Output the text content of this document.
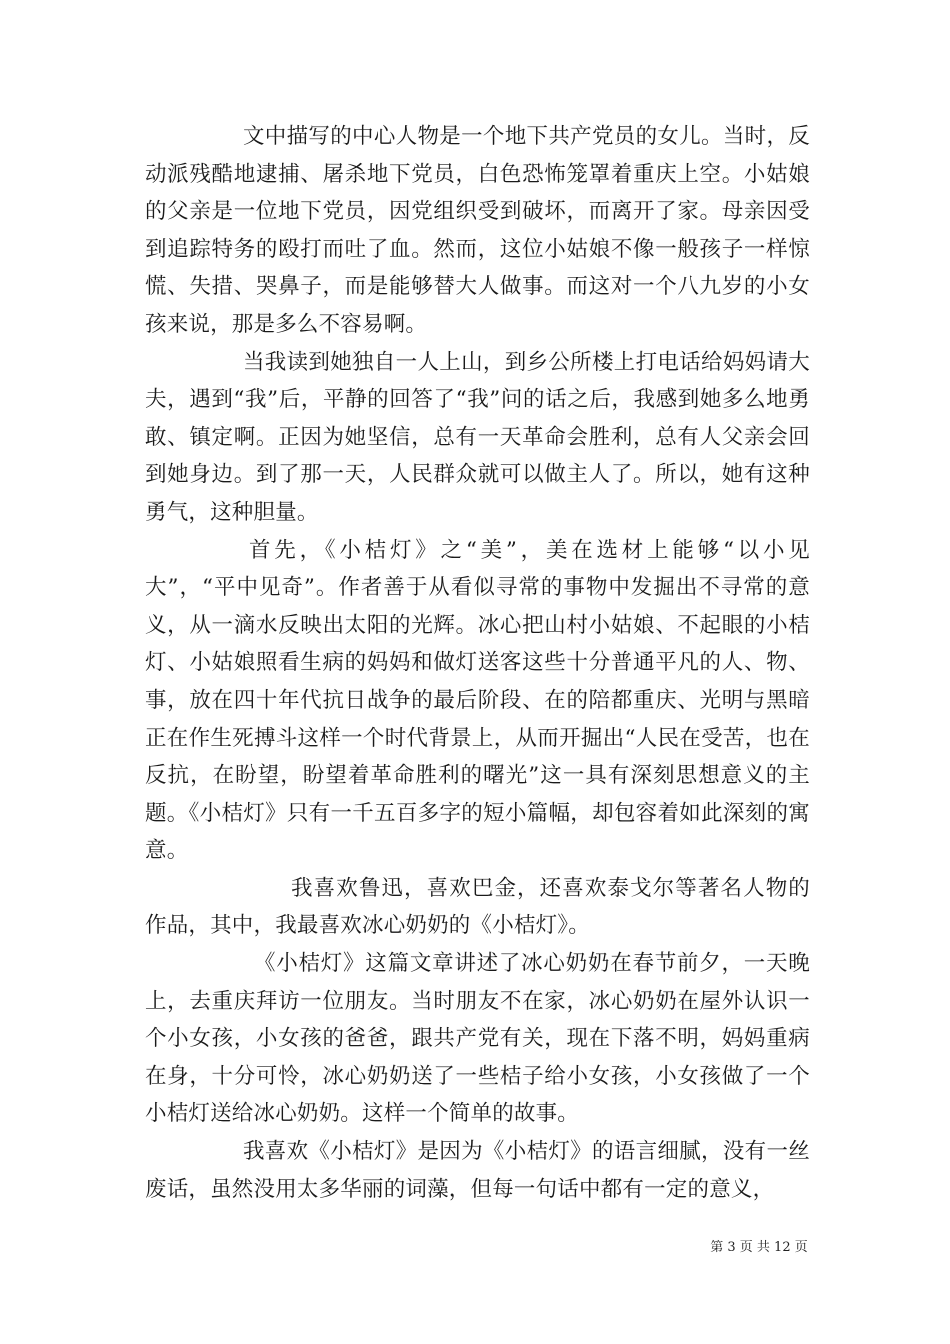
文中描写的中心人物是一个地下共产党员的女儿。当时，反动派残酷地逮捕、屠杀地下党员，白色恐怖笼罩着重庆上空。小姑娘的父亲是一位地下党员，因党组织受到破坏，而离开了家。母亲因受到追踪特务的殴打而吐了血。然而，这位小姑娘不像一般孩子一样惊慌、失措、哭鼻子，而是能够替大人做事。而这对一个八九岁的小女孩来说，那是多么不容易啊。

当我读到她独自一人上山，到乡公所楼上打电话给妈妈请大夫，遇到“我”后，平静的回答了“我”问的话之后，我感到她多么地勇敢、镇定啊。正因为她坚信，总有一天革命会胜利，总有人父亲会回到她身边。到了那一天，人民群众就可以做主人了。所以，她有这种勇气，这种胆量。

首先，《小桔灯》之“美”，美在选材上能够“以小见大”，“平中见奇”。作者善于从看似寻常的事物中发掘出不寻常的意义，从一滴水反映出太阳的光辉。冰心把山村小姑娘、不起眼的小桔灯、小姑娘照看生病的妈妈和做灯送客这些十分普通平凡的人、物、事，放在四十年代抗日战争的最后阶段、在的陪都重庆、光明与黑暗正在作生死搏斗这样一个时代背景上，从而开掘出“人民在受苦，也在反抗，在盼望，盼望着革命胜利的曙光”这一具有深刻思想意义的主题。《小桔灯》只有一千五百多字的短小篇幅，却包容着如此深刻的寓意。

我喜欢鲁迅，喜欢巴金，还喜欢泰戈尔等著名人物的作品，其中，我最喜欢冰心奶奶的《小桔灯》。

《小桔灯》这篇文章讲述了冰心奶奶在春节前夕，一天晚上，去重庆拜访一位朋友。当时朋友不在家，冰心奶奶在屋外认识一个小女孩，小女孩的爸爸，跟共产党有关，现在下落不明，妈妈重病在身，十分可怜，冰心奶奶送了一些桔子给小女孩，小女孩做了一个小桔灯送给冰心奶奶。这样一个简单的故事。

我喜欢《小桔灯》是因为《小桔灯》的语言细腻，没有一丝废话，虽然没用太多华丽的词藻，但每一句话中都有一定的意义，

第 3 页 共 12 页
